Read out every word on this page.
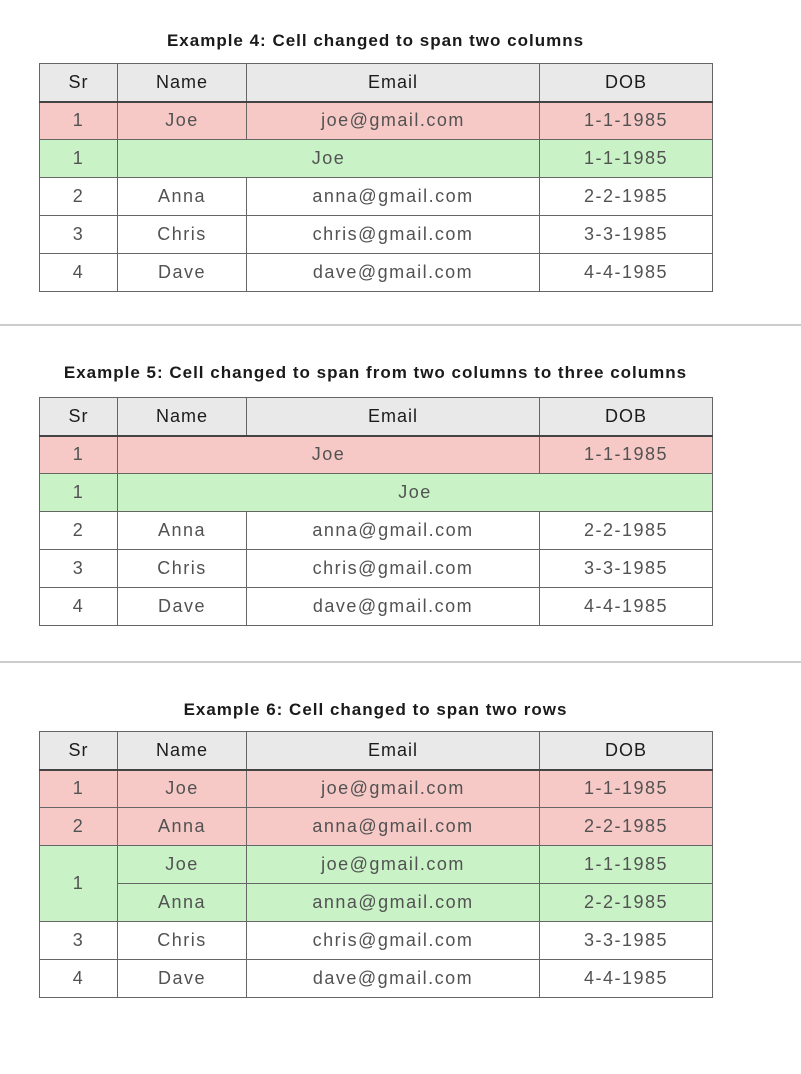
Example 4: Cell changed to span two columns
Sr	Name	Email	DOB
1	Joe	joe@gmail.com	1-1-1985
1	Joe		1-1-1985
2	Anna	anna@gmail.com	2-2-1985
3	Chris	chris@gmail.com	3-3-1985
4	Dave	dave@gmail.com	4-4-1985
Example 5: Cell changed to span from two columns to three columns
Sr	Name	Email	DOB
1	Joe		1-1-1985
1	Joe		
2	Anna	anna@gmail.com	2-2-1985
3	Chris	chris@gmail.com	3-3-1985
4	Dave	dave@gmail.com	4-4-1985
Example 6: Cell changed to span two rows
Sr	Name	Email	DOB
1	Joe	joe@gmail.com	1-1-1985
2	Anna	anna@gmail.com	2-2-1985
1	Joe	joe@gmail.com	1-1-1985
	Anna	anna@gmail.com	2-2-1985
3	Chris	chris@gmail.com	3-3-1985
4	Dave	dave@gmail.com	4-4-1985
